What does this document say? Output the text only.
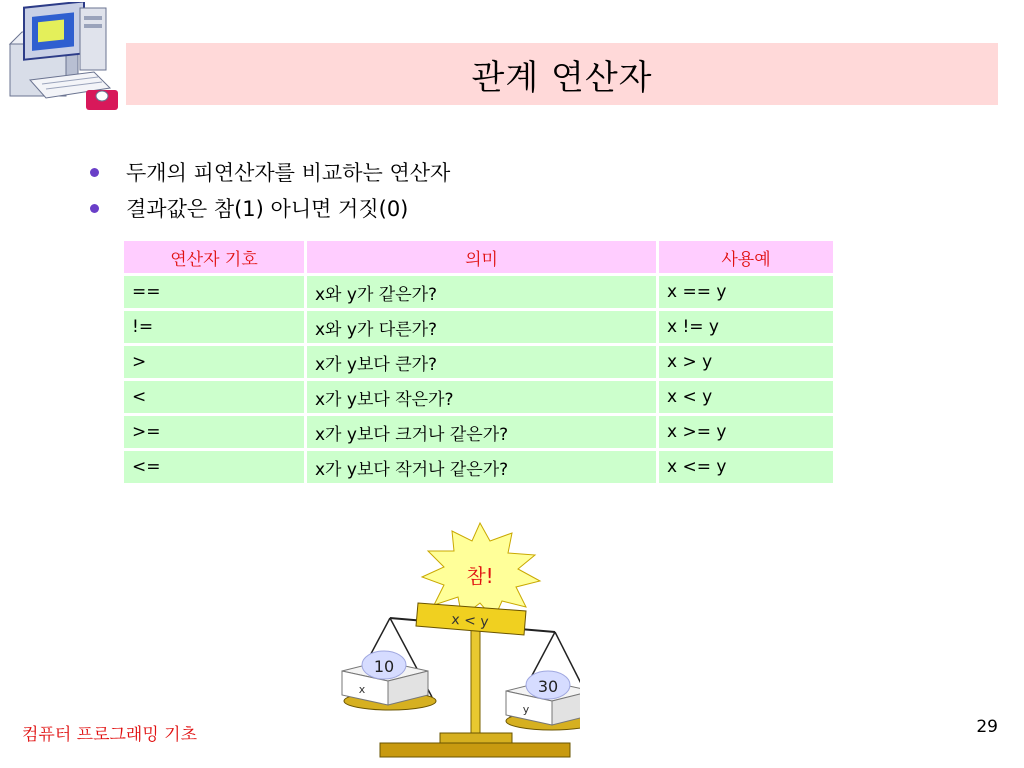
관계 연산자
두개의 피연산자를 비교하는 연산자
결과값은 참(1) 아니면 거짓(0)
연산자 기호	의미	사용예
==	x와 y가 같은가?	x == y
!=	x와 y가 다른가?	x != y
>	x가 y보다 큰가?	x > y
<	x가 y보다 작은가?	x < y
>=	x가 y보다 크거나 같은가?	x >= y
<=	x가 y보다 작거나 같은가?	x <= y
참!
x < y
10
x	30
y
컴퓨터 프로그래밍 기초	29
